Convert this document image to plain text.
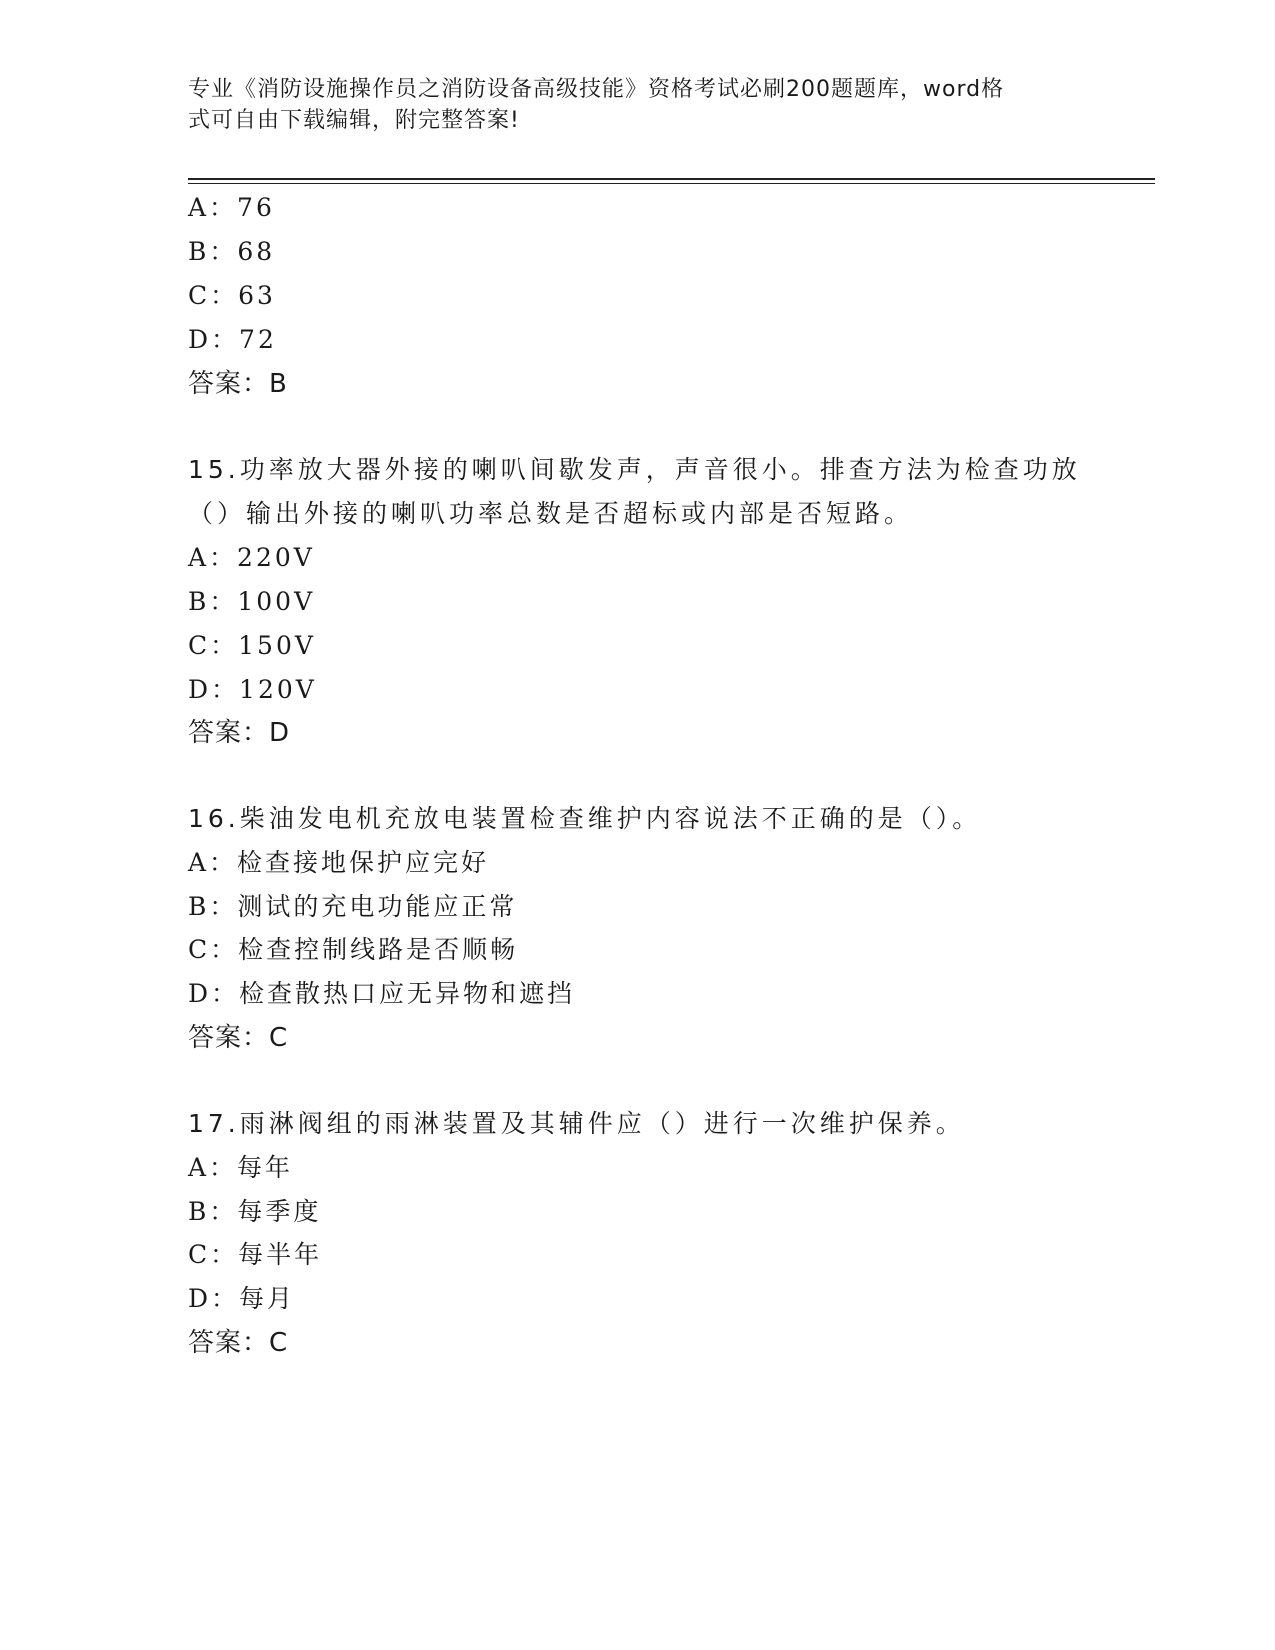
专业《消防设施操作员之消防设备高级技能》资格考试必刷200题题库，word格
式可自由下载编辑，附完整答案!
A：76
B：68
C：63
D：72
答案：B
15.功率放大器外接的喇叭间歇发声，声音很小。排查方法为检查功放
（）输出外接的喇叭功率总数是否超标或内部是否短路。
A：220V
B：100V
C：150V
D：120V
答案：D
16.柴油发电机充放电装置检查维护内容说法不正确的是（）。
A：检查接地保护应完好
B：测试的充电功能应正常
C：检查控制线路是否顺畅
D：检查散热口应无异物和遮挡
答案：C
17.雨淋阀组的雨淋装置及其辅件应（）进行一次维护保养。
A：每年
B：每季度
C：每半年
D：每月
答案：C
